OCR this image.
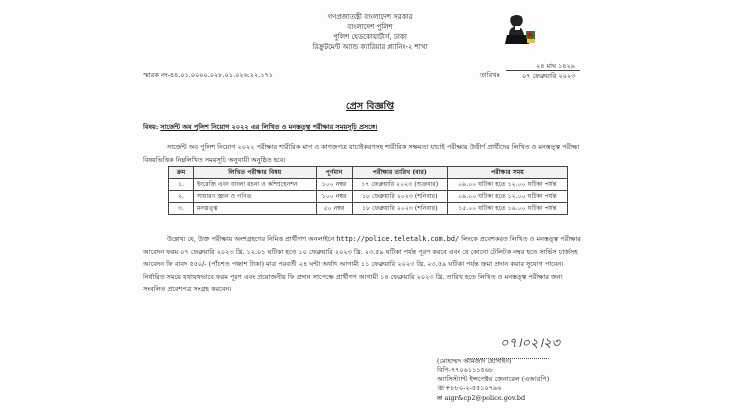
গণপ্রজাতন্ত্রী বাংলাদেশ সরকার
বাংলাদেশ পুলিশ
পুলিশ হেডকোয়ার্টার্স, ঢাকা
রিক্রুটমেন্ট অ্যান্ড ক্যারিয়ার প্ল্যানিং-২ শাখা
স্মারক নং-৪৪.০১.০০০০.০২৮.০১.০২৬.২২.১৭১	তারিখঃ
২৪ মাঘ ১৪২৯
০৭ ফেব্রুয়ারি ২০২৩
প্রেস বিজ্ঞপ্তি
বিষয়: সার্জেন্ট অব পুলিশ নিয়োগ ২০২২ এর লিখিত ও মনস্তত্ত্ব পরীক্ষার সময়সূচি প্রসঙ্গে।
সার্জেন্ট অব পুলিশ নিয়োগ ২০২২ পরীক্ষার শারীরিক মাপ ও কাগজপত্র যাচাইকরণসহ শারীরিক সক্ষমতা যাচাই পরীক্ষায় উত্তীর্ণ প্রার্থীদের লিখিত ও মনস্তত্ত্ব পরীক্ষা বিষয়ভিত্তিক নিম্নলিখিত সময়সূচি অনুযায়ী অনুষ্ঠিত হবে।
ক্রম	লিখিত পরীক্ষার বিষয়	পূর্ণমান	পরীক্ষার তারিখ (বার)	পরীক্ষার সময়
১.	ইংরেজি এবং বাংলা রচনা ও কম্প্রিহেনশন	১০০ নম্বর	১৭ ফেব্রুয়ারি ২০২৩ (শুক্রবার)	০৯.০০ ঘটিকা হতে ১২.০০ ঘটিকা পর্যন্ত
২.	সাধারণ জ্ঞান ও গণিত	১০০ নম্বর	১৮ ফেব্রুয়ারি ২০২৩ (শনিবার)	০৯.০০ ঘটিকা হতে ১২.০০ ঘটিকা পর্যন্ত
৩.	মনস্তত্ত্ব	৫০ নম্বর	১৮ ফেব্রুয়ারি ২০২৩ (শনিবার)	১৫.০০ ঘটিকা হতে ১৬.০০ ঘটিকা পর্যন্ত
উল্লেখ্য যে, উক্ত পরীক্ষায় অংশগ্রহণের নিমিত্ত প্রার্থীগণ অনলাইনে http://police.teletalk.com.bd/ লিংকে প্রবেশকরত লিখিত ও মনস্তত্ত্ব পরীক্ষার আবেদন ফরম ০৭ ফেব্রুয়ারি ২০২৩ খ্রি. ১২.০১ ঘটিকা হতে ১০ ফেব্রুয়ারি ২০২৩ খ্রি. ২৩.৫৯ ঘটিকা পর্যন্ত পূরণ করবে এবং যে কোনো টেলিটক নম্বর হতে সার্ভিস চার্জসহ আবেদন ফি বাবদ ৫৫০/- (পাঁচশত পঞ্চাশ টাকা) মাত্র পরবর্তী ২৪ ঘন্টা অর্থাৎ আগামী ১১ ফেব্রুয়ারি ২০২৩ খ্রি. ২৩.৫৯ ঘটিকা পর্যন্ত জমা প্রদান করার সুযোগ পাবেন। নির্ধারিত সময়ে যথাযথভাবে ফরম পূরণ এবং প্রয়োজনীয় ফি প্রদান সাপেক্ষে প্রার্থীগণ আগামী ১৪ ফেব্রুয়ারি ২০২৩ খ্রি. তারিখ হতে লিখিত ও মনস্তত্ত্ব পরীক্ষার জন্য সংবলিত প্রবেশপত্র সংগ্রহ করবেন।
০৭।০২।২৩
(মোহাম্মদ আমজাদ হোসাইন)
বিপি-৭৭০৬১১১৫৬৮
অ্যাসিস্ট্যান্ট ইন্সপেক্টর জেনারেল (এআরপি)
☏+৮৮০-২-৫৫১০৭৯৬
✉ aigr&cp2@police.gov.bd
